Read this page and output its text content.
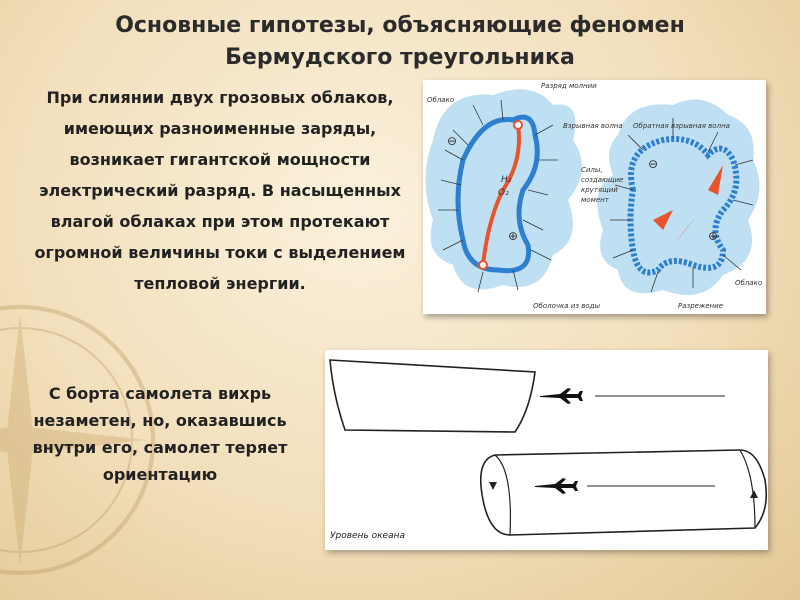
Основные гипотезы, объясняющие феномен
Бермудского треугольника
При слиянии двух грозовых облаков, имеющих разноименные заряды, возникает гигантской мощности электрический разряд. В насыщенных влагой облаках при этом протекают огромной величины токи с выделением тепловой энергии.
Облако
Разряд молнии
Взрывная волна
H₂
O₂
Обратная взрывная волна
Силы,
создающие
крутящий
момент
Оболочка из воды	Разрежение
Облако
⊖
⊕
⊖
⊕
С борта самолета вихрь незаметен, но, оказавшись внутри его, самолет теряет ориентацию
Уровень океана
